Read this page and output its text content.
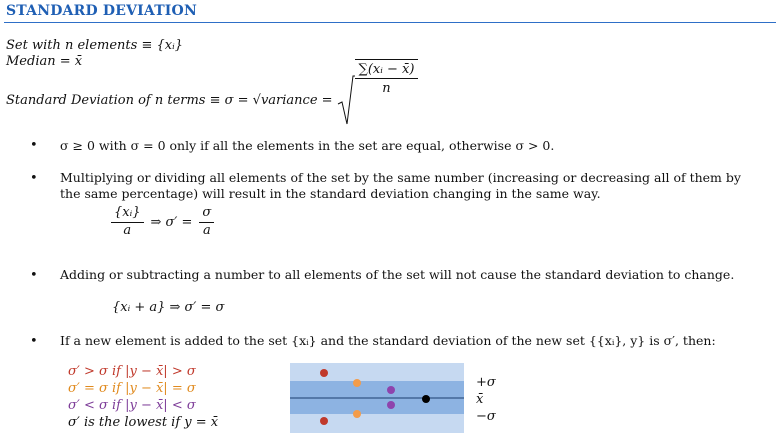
STANDARD DEVIATION
Set with n elements ≡ {xᵢ}
Median = x̄
Standard Deviation of n terms ≡ σ = √variance =
$\frac{\text{∑(xᵢ − x̄)}}{n}$
• σ ≥ 0 with σ = 0 only if all the elements in the set are equal, otherwise σ > 0.
• Multiplying or dividing all elements of the set by the same number (increasing or decreasing all of them by the same percentage) will result in the standard deviation changing in the same way.
$\frac{\text{\{xᵢ\}}}{a}$ ⇒ $\sigma' = \frac{\sigma}{a}$
• Adding or subtracting a number to all elements of the set will not cause the standard deviation to change.
{xᵢ + a} ⇒ σ′ = σ
• If a new element is added to the set {xᵢ} and the standard deviation of the new set {{xᵢ}, y} is σ′, then:
σ′ > σ if |y − x̄| > σ
σ′ = σ if |y − x̄| = σ
σ′ < σ if |y − x̄| < σ
σ′ is the lowest if y = x̄
+σ
x̄
−σ
